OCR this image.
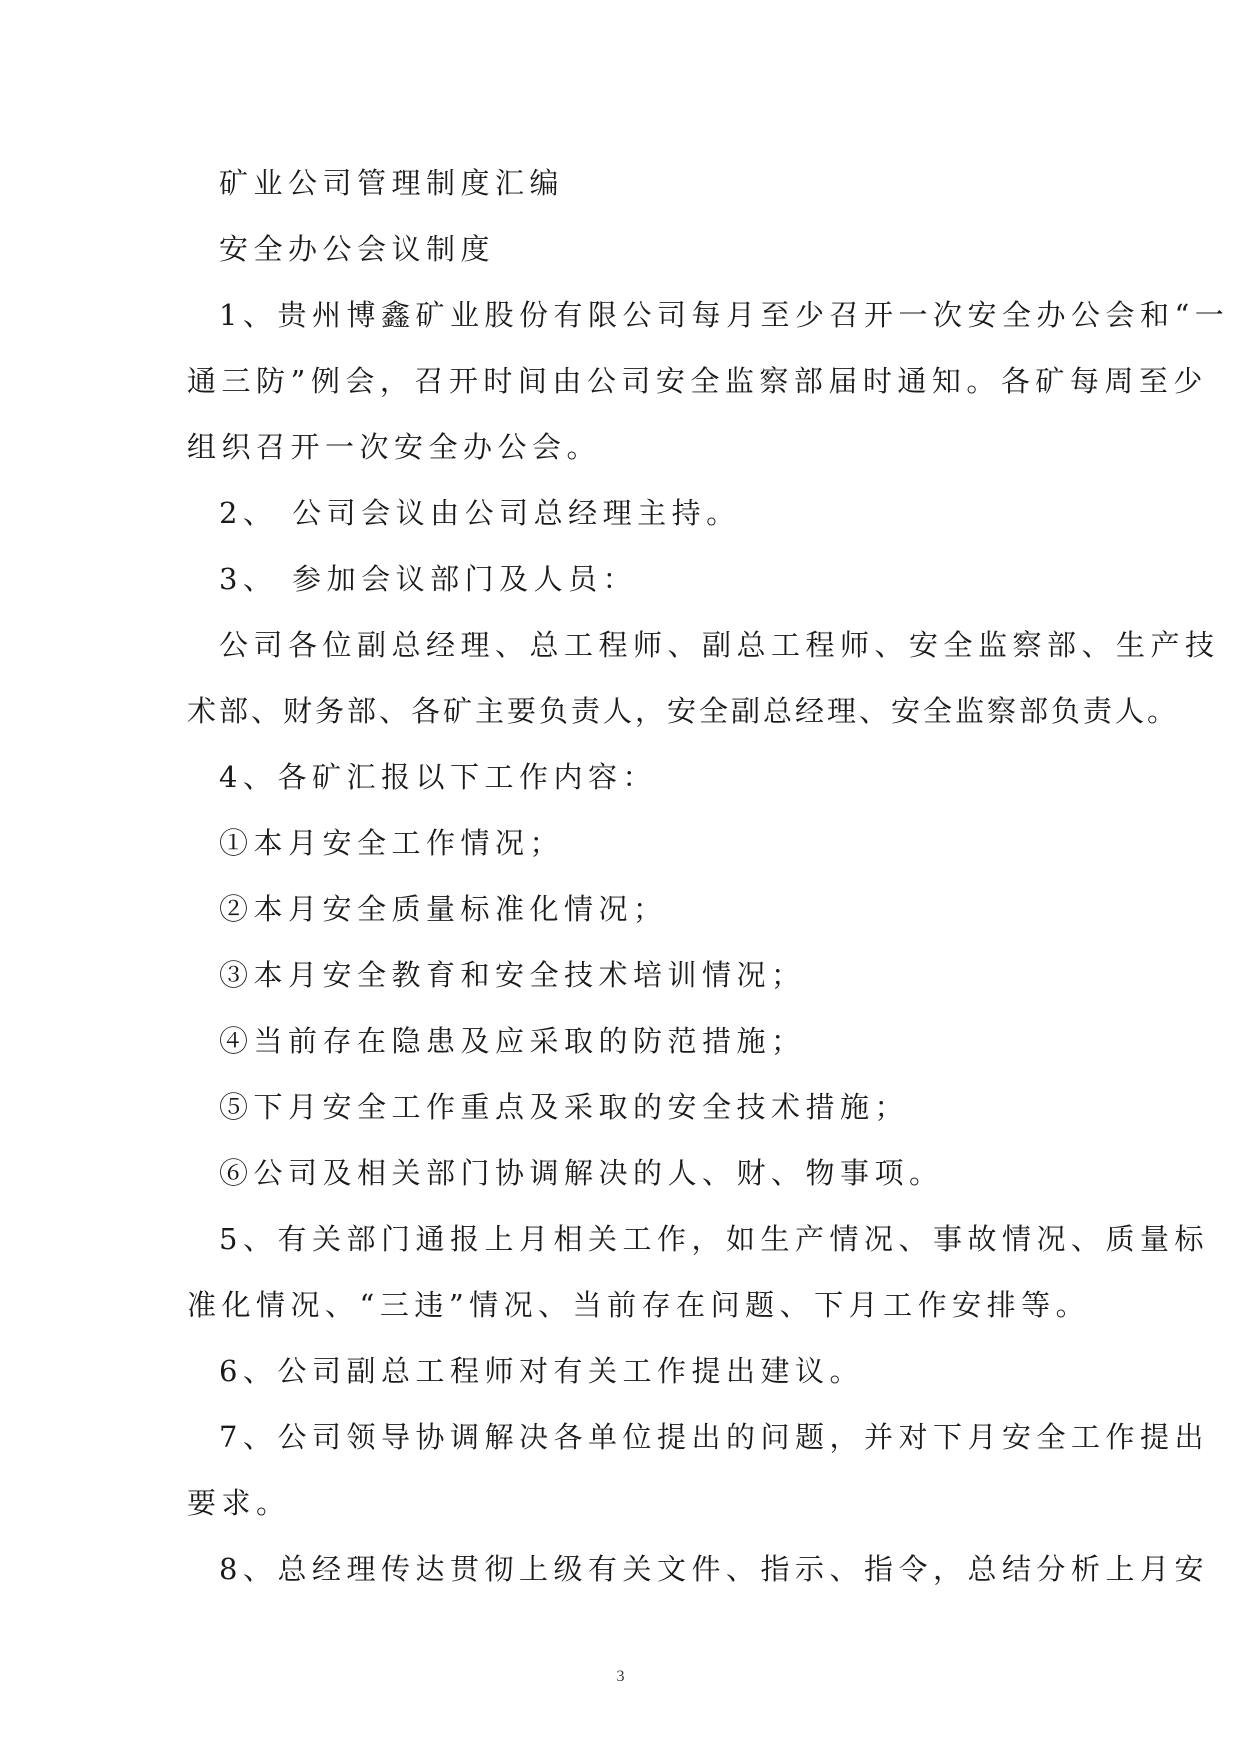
矿业公司管理制度汇编
安全办公会议制度
1、贵州博鑫矿业股份有限公司每月至少召开一次安全办公会和“一
通三防”例会，召开时间由公司安全监察部届时通知。各矿每周至少
组织召开一次安全办公会。
2、 公司会议由公司总经理主持。
3、 参加会议部门及人员：
公司各位副总经理、总工程师、副总工程师、安全监察部、生产技
术部、财务部、各矿主要负责人，安全副总经理、安全监察部负责人。
4、各矿汇报以下工作内容：
①本月安全工作情况；
②本月安全质量标准化情况；
③本月安全教育和安全技术培训情况；
④当前存在隐患及应采取的防范措施；
⑤下月安全工作重点及采取的安全技术措施；
⑥公司及相关部门协调解决的人、财、物事项。
5、有关部门通报上月相关工作，如生产情况、事故情况、质量标
准化情况、“三违”情况、当前存在问题、下月工作安排等。
6、公司副总工程师对有关工作提出建议。
7、公司领导协调解决各单位提出的问题，并对下月安全工作提出
要求。
8、总经理传达贯彻上级有关文件、指示、指令，总结分析上月安
3
